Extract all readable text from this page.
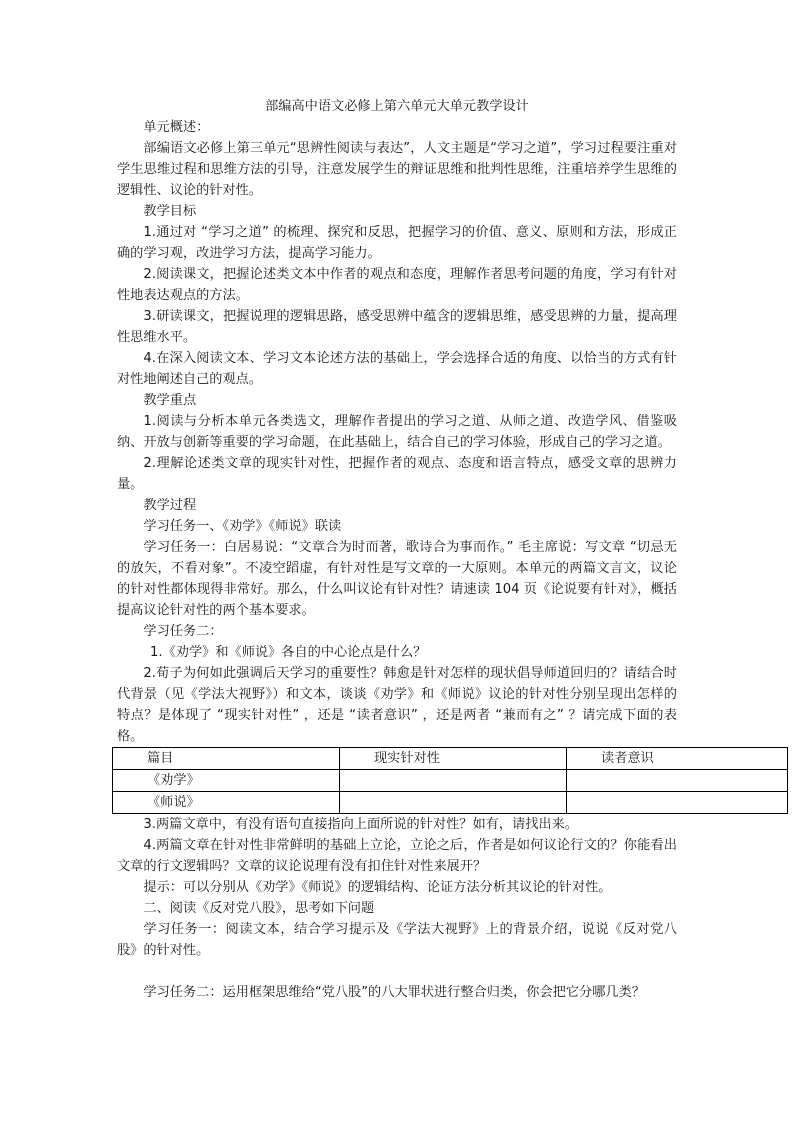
部编高中语文必修上第六单元大单元教学设计

单元概述：

部编语文必修上第三单元“思辨性阅读与表达”，人文主题是“学习之道”，学习过程要注重对学生思维过程和思维方法的引导，注意发展学生的辩证思维和批判性思维，注重培养学生思维的逻辑性、议论的针对性。

教学目标

1.通过对 “学习之道” 的梳理、探究和反思，把握学习的价值、意义、原则和方法，形成正确的学习观，改进学习方法，提高学习能力。

2.阅读课文，把握论述类文本中作者的观点和态度，理解作者思考问题的角度，学习有针对性地表达观点的方法。

3.研读课文，把握说理的逻辑思路，感受思辨中蕴含的逻辑思维，感受思辨的力量，提高理性思维水平。

4.在深入阅读文本、学习文本论述方法的基础上，学会选择合适的角度、以恰当的方式有针对性地阐述自己的观点。

教学重点

1.阅读与分析本单元各类选文，理解作者提出的学习之道、从师之道、改造学风、借鉴吸纳、开放与创新等重要的学习命题，在此基础上，结合自己的学习体验，形成自己的学习之道。

2.理解论述类文章的现实针对性，把握作者的观点、态度和语言特点，感受文章的思辨力量。

教学过程

学习任务一、《劝学》《师说》联读

学习任务一：白居易说：“文章合为时而著，歌诗合为事而作。” 毛主席说：写文章 “切忌无的放矢，不看对象”。不凌空蹈虚，有针对性是写文章的一大原则。本单元的两篇文言文，议论的针对性都体现得非常好。那么，什么叫议论有针对性？请速读 104 页《论说要有针对》，概括提高议论针对性的两个基本要求。

学习任务二：

1.《劝学》和《师说》各自的中心论点是什么？

2.荀子为何如此强调后天学习的重要性？韩愈是针对怎样的现状倡导师道回归的？请结合时代背景（见《学法大视野》）和文本，谈谈《劝学》和《师说》议论的针对性分别呈现出怎样的特点？是体现了 “现实针对性” ，还是 “读者意识” ，还是两者 “兼而有之” ？请完成下面的表格。

篇目	现实针对性	读者意识
《劝学》		
《师说》		

3.两篇文章中，有没有语句直接指向上面所说的针对性？如有，请找出来。

4.两篇文章在针对性非常鲜明的基础上立论，立论之后，作者是如何议论行文的？你能看出文章的行文逻辑吗？文章的议论说理有没有扣住针对性来展开？

提示：可以分别从《劝学》《师说》的逻辑结构、论证方法分析其议论的针对性。

二、阅读《反对党八股》，思考如下问题

学习任务一：阅读文本，结合学习提示及《学法大视野》上的背景介绍，说说《反对党八股》的针对性。

学习任务二：运用框架思维给“党八股”的八大罪状进行整合归类，你会把它分哪几类？
